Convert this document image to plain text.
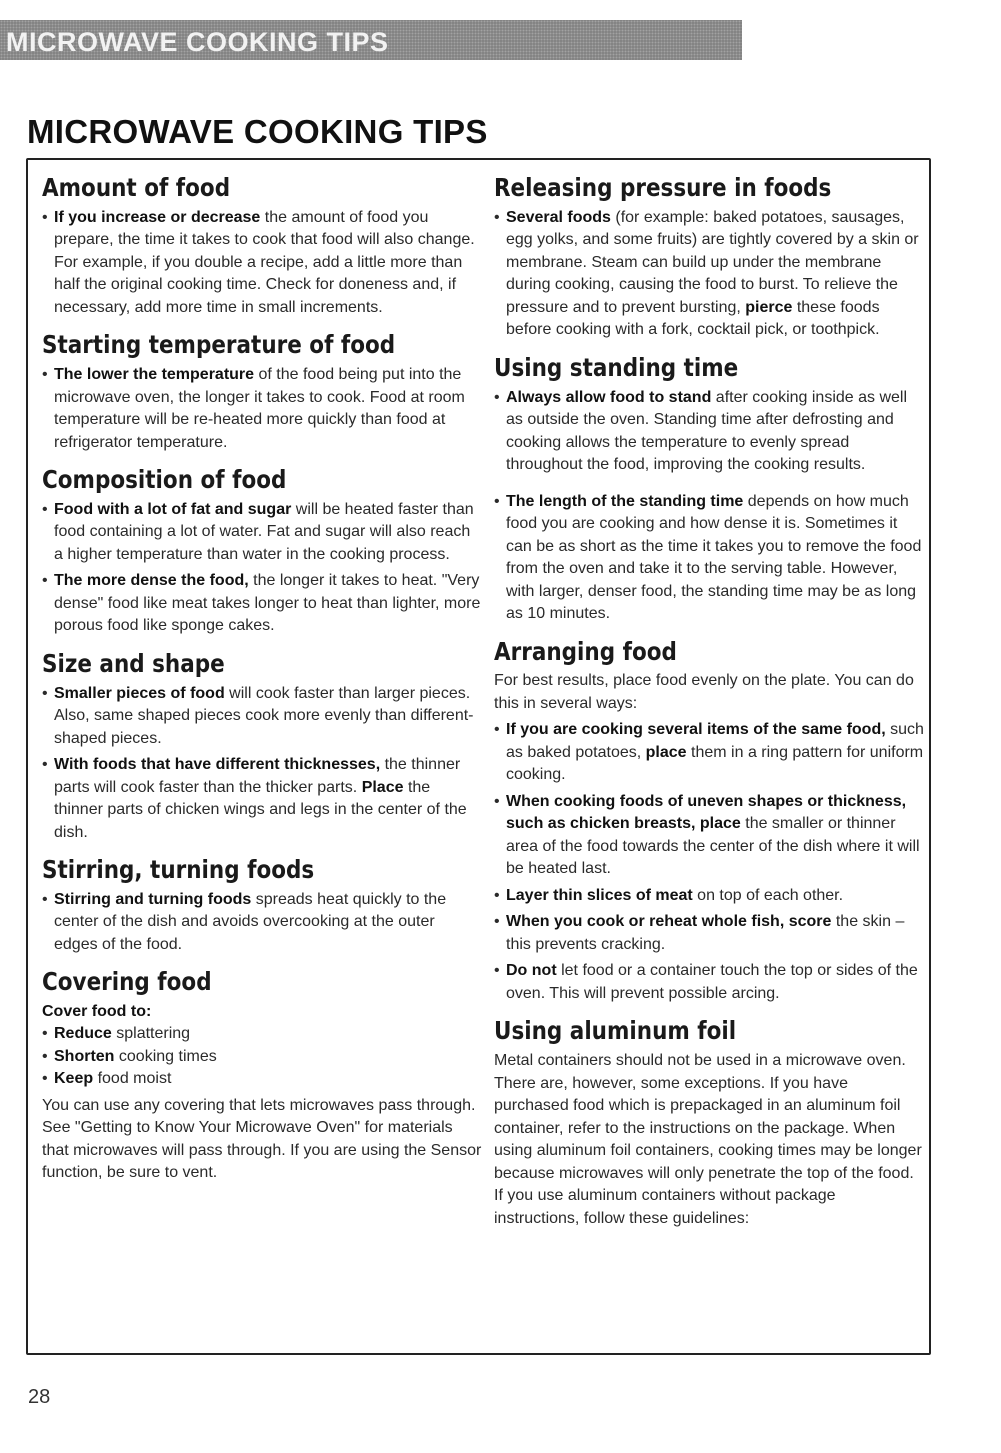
MICROWAVE COOKING TIPS
MICROWAVE COOKING TIPS
Amount of food

• If you increase or decrease the amount of food you prepare, the time it takes to cook that food will also change. For example, if you double a recipe, add a little more than half the original cooking time. Check for doneness and, if necessary, add more time in small increments.

Starting temperature of food

• The lower the temperature of the food being put into the microwave oven, the longer it takes to cook. Food at room temperature will be re-heated more quickly than food at refrigerator temperature.

Composition of food

• Food with a lot of fat and sugar will be heated faster than food containing a lot of water. Fat and sugar will also reach a higher temperature than water in the cooking process.

• The more dense the food, the longer it takes to heat. "Very dense" food like meat takes longer to heat than lighter, more porous food like sponge cakes.

Size and shape

• Smaller pieces of food will cook faster than larger pieces. Also, same shaped pieces cook more evenly than different-shaped pieces.

• With foods that have different thicknesses, the thinner parts will cook faster than the thicker parts. Place the thinner parts of chicken wings and legs in the center of the dish.

Stirring, turning foods

• Stirring and turning foods spreads heat quickly to the center of the dish and avoids overcooking at the outer edges of the food.

Covering food

Cover food to:

• Reduce splattering

• Shorten cooking times

• Keep food moist

You can use any covering that lets microwaves pass through. See "Getting to Know Your Microwave Oven" for materials that microwaves will pass through. If you are using the Sensor function, be sure to vent.

Releasing pressure in foods

• Several foods (for example: baked potatoes, sausages, egg yolks, and some fruits) are tightly covered by a skin or membrane. Steam can build up under the membrane during cooking, causing the food to burst. To relieve the pressure and to prevent bursting, pierce these foods before cooking with a fork, cocktail pick, or toothpick.

Using standing time

• Always allow food to stand after cooking inside as well as outside the oven. Standing time after defrosting and cooking allows the temperature to evenly spread throughout the food, improving the cooking results.

• The length of the standing time depends on how much food you are cooking and how dense it is. Sometimes it can be as short as the time it takes you to remove the food from the oven and take it to the serving table. However, with larger, denser food, the standing time may be as long as 10 minutes.

Arranging food

For best results, place food evenly on the plate. You can do this in several ways:

• If you are cooking several items of the same food, such as baked potatoes, place them in a ring pattern for uniform cooking.

• When cooking foods of uneven shapes or thickness, such as chicken breasts, place the smaller or thinner area of the food towards the center of the dish where it will be heated last.

• Layer thin slices of meat on top of each other.

• When you cook or reheat whole fish, score the skin – this prevents cracking.

• Do not let food or a container touch the top or sides of the oven. This will prevent possible arcing.

Using aluminum foil

Metal containers should not be used in a microwave oven. There are, however, some exceptions. If you have purchased food which is prepackaged in an aluminum foil container, refer to the instructions on the package. When using aluminum foil containers, cooking times may be longer because microwaves will only penetrate the top of the food. If you use aluminum containers without package instructions, follow these guidelines:

28
